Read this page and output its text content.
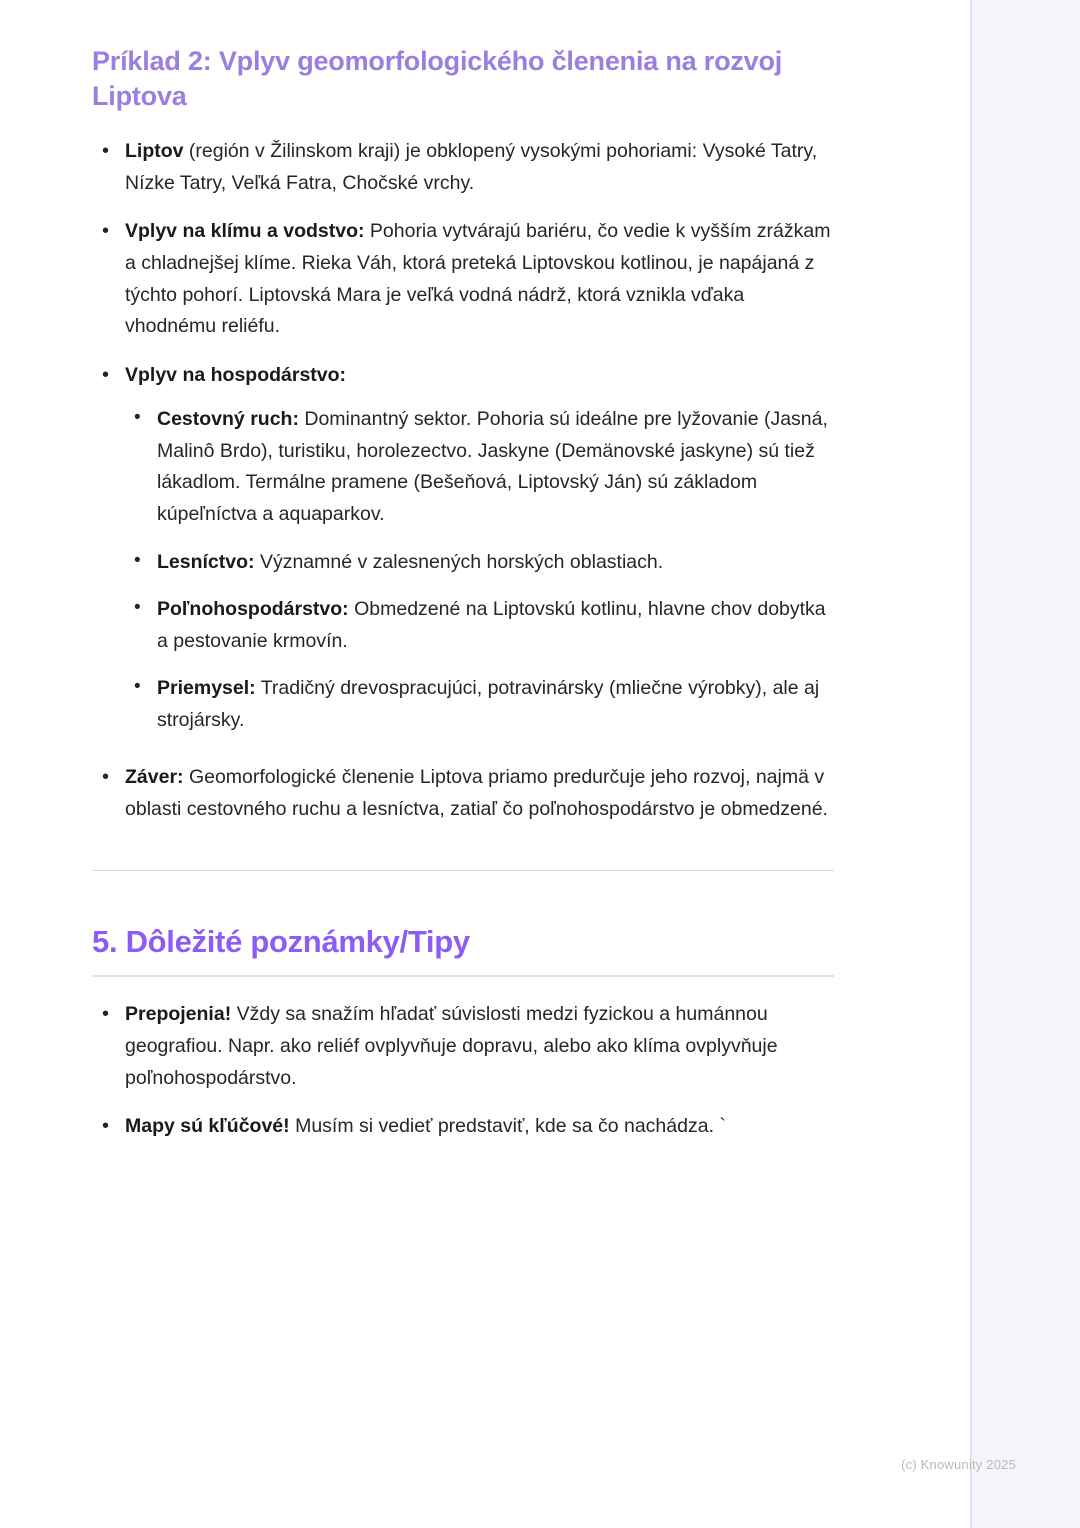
Príklad 2: Vplyv geomorfologického členenia na rozvoj Liptova
• Liptov (región v Žilinskom kraji) je obklopený vysokými pohoriami: Vysoké Tatry, Nízke Tatry, Veľká Fatra, Chočské vrchy.
• Vplyv na klímu a vodstvo: Pohoria vytvárajú bariéru, čo vedie k vyšším zrážkam a chladnejšej klíme. Rieka Váh, ktorá preteká Liptovskou kotlinou, je napájaná z týchto pohorí. Liptovská Mara je veľká vodná nádrž, ktorá vznikla vďaka vhodnému reliéfu.
• Vplyv na hospodárstvo:
• Cestovný ruch: Dominantný sektor. Pohoria sú ideálne pre lyžovanie (Jasná, Malinô Brdo), turistiku, horolezectvo. Jaskyne (Demänovské jaskyne) sú tiež lákadlom. Termálne pramene (Bešeňová, Liptovský Ján) sú základom kúpeľníctva a aquaparkov.
• Lesníctvo: Významné v zalesnených horských oblastiach.
• Poľnohospodárstvo: Obmedzené na Liptovskú kotlinu, hlavne chov dobytka a pestovanie krmovín.
• Priemysel: Tradičný drevospracujúci, potravinársky (mliečne výrobky), ale aj strojársky.
• Záver: Geomorfologické členenie Liptova priamo predurčuje jeho rozvoj, najmä v oblasti cestovného ruchu a lesníctva, zatiaľ čo poľnohospodárstvo je obmedzené.
5. Dôležité poznámky/Tipy
• Prepojenia! Vždy sa snažím hľadať súvislosti medzi fyzickou a humánnou geografiou. Napr. ako reliéf ovplyvňuje dopravu, alebo ako klíma ovplyvňuje poľnohospodárstvo.
• Mapy sú kľúčové! Musím si vedieť predstaviť, kde sa čo nachádza. `
(c) Knowunity 2025
